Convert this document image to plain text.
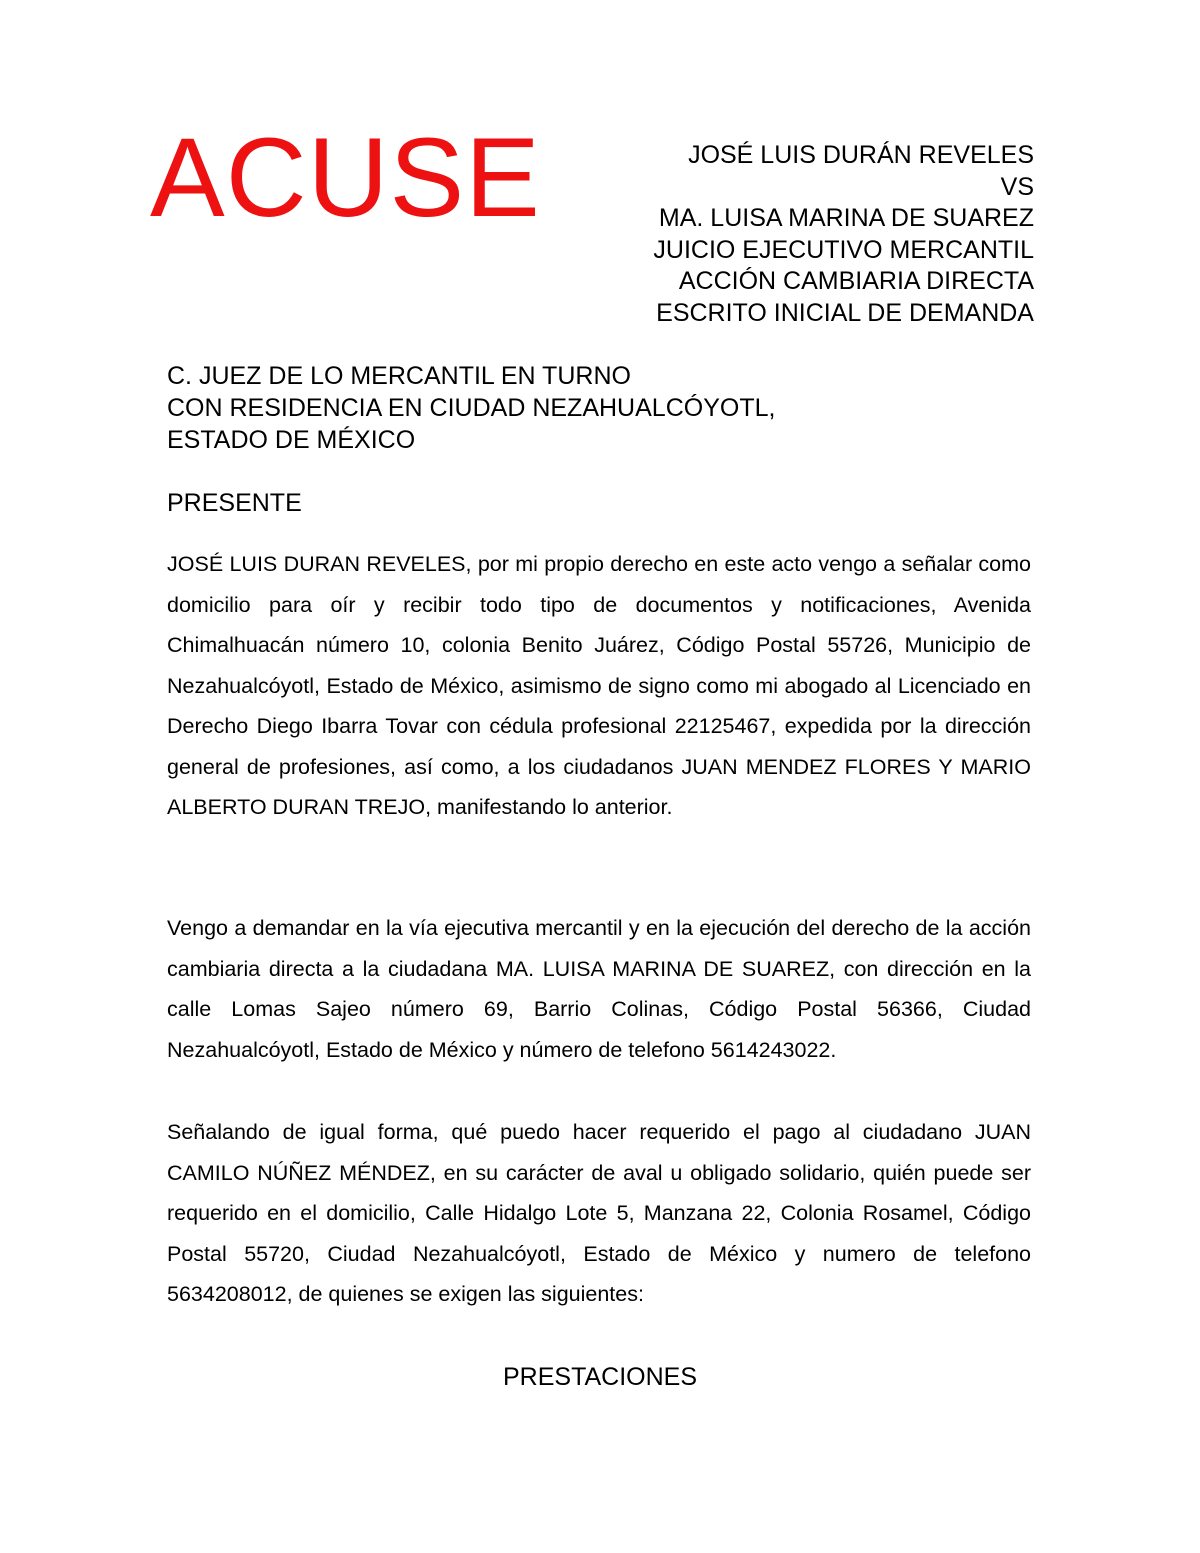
ACUSE	JOSÉ LUIS DURÁN REVELES
VS
MA. LUISA MARINA DE SUAREZ
JUICIO EJECUTIVO MERCANTIL
ACCIÓN CAMBIARIA DIRECTA
ESCRITO INICIAL DE DEMANDA
C. JUEZ DE LO MERCANTIL EN TURNO
CON RESIDENCIA EN CIUDAD NEZAHUALCÓYOTL,
ESTADO DE MÉXICO

PRESENTE

JOSÉ LUIS DURAN REVELES, por mi propio derecho en este acto vengo a señalar como domicilio para oír y recibir todo tipo de documentos y notificaciones, Avenida Chimalhuacán número 10, colonia Benito Juárez, Código Postal 55726, Municipio de Nezahualcóyotl, Estado de México, asimismo de signo como mi abogado al Licenciado en Derecho Diego Ibarra Tovar con cédula profesional 22125467, expedida por la dirección general de profesiones, así como, a los ciudadanos JUAN MENDEZ FLORES Y MARIO ALBERTO DURAN TREJO, manifestando lo anterior.

Vengo a demandar en la vía ejecutiva mercantil y en la ejecución del derecho de la acción cambiaria directa a la ciudadana MA. LUISA MARINA DE SUAREZ, con dirección en la calle Lomas Sajeo número 69, Barrio Colinas, Código Postal 56366, Ciudad Nezahualcóyotl, Estado de México y número de telefono 5614243022.

Señalando de igual forma, qué puedo hacer requerido el pago al ciudadano JUAN CAMILO NÚÑEZ MÉNDEZ, en su carácter de aval u obligado solidario, quién puede ser requerido en el domicilio, Calle Hidalgo Lote 5, Manzana 22, Colonia Rosamel, Código Postal 55720, Ciudad Nezahualcóyotl, Estado de México y numero de telefono 5634208012, de quienes se exigen las siguientes:

PRESTACIONES
